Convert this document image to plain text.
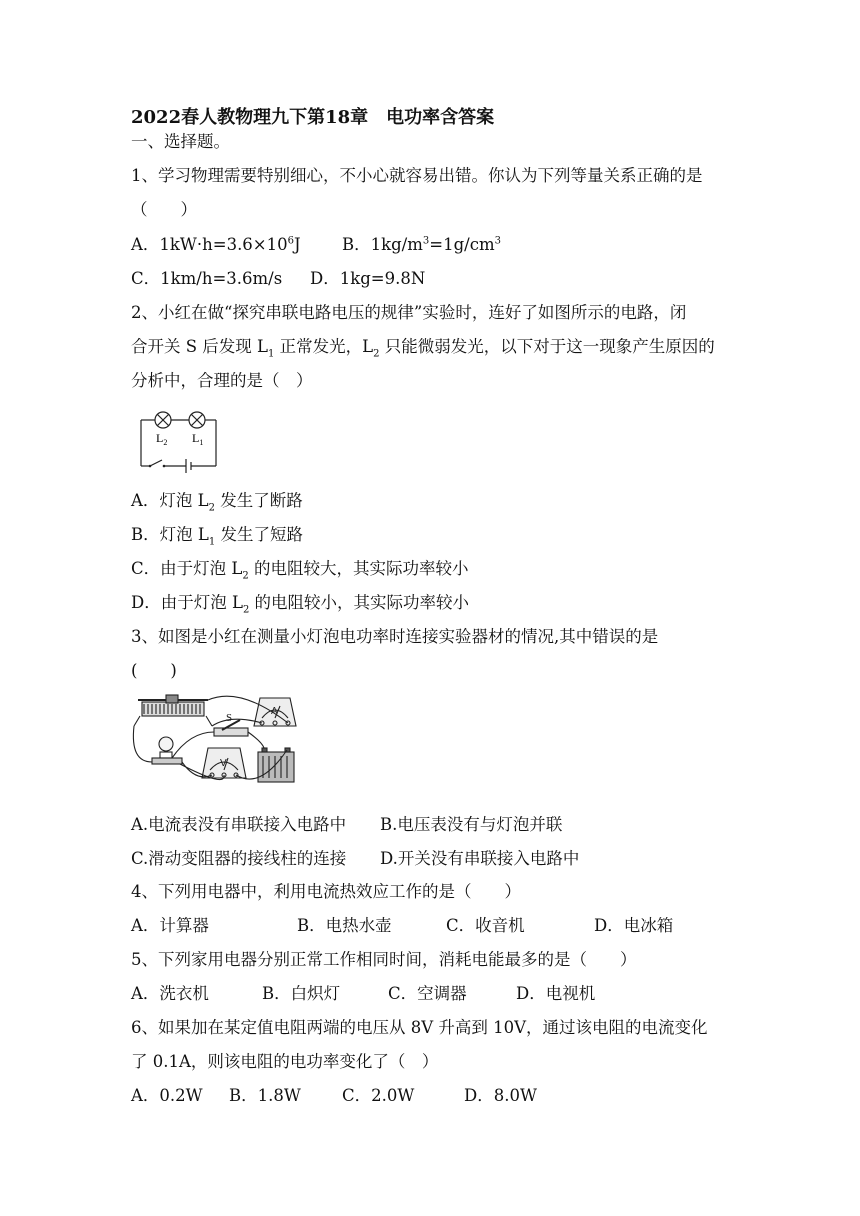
2022春人教物理九下第18章　电功率含答案
一、选择题。
1、学习物理需要特别细心，不小心就容易出错。你认为下列等量关系正确的是
（　　）
A．$1kW\cdot h=3.6\times 10^6J$	B．$1kg/m^3=1g/cm^3$
C．1km/h=3.6m/s D．1kg=9.8N
2、小红在做“探究串联电路电压的规律”实验时，连好了如图所示的电路，闭
合开关 S 后发现 $L_1$ 正常发光，$L_2$ 只能微弱发光，以下对于这一现象产生原因的
分析中，合理的是（　）
$L_2$ $L_1$
A．灯泡 $L_2$ 发生了断路
B．灯泡 $L_1$ 发生了短路
C．由于灯泡 $L_2$ 的电阻较大，其实际功率较小
D．由于灯泡 $L_2$ 的电阻较小，其实际功率较小
3、如图是小红在测量小灯泡电功率时连接实验器材的情况,其中错误的是
(　　)
S
A
V
A.电流表没有串联接入电路中 B.电压表没有与灯泡并联
C.滑动变阻器的接线柱的连接 D.开关没有串联接入电路中
4、下列用电器中，利用电流热效应工作的是（　　）
A．计算器	B．电热水壶	C．收音机	D．电冰箱
5、下列家用电器分别正常工作相同时间，消耗电能最多的是（　　）
A．洗衣机	B．白炽灯	C．空调器	D．电视机
6、如果加在某定值电阻两端的电压从 8V 升高到 10V，通过该电阻的电流变化
了 0.1A，则该电阻的电功率变化了（　）
A．0.2W B．1.8W C．2.0W	D．8.0W
